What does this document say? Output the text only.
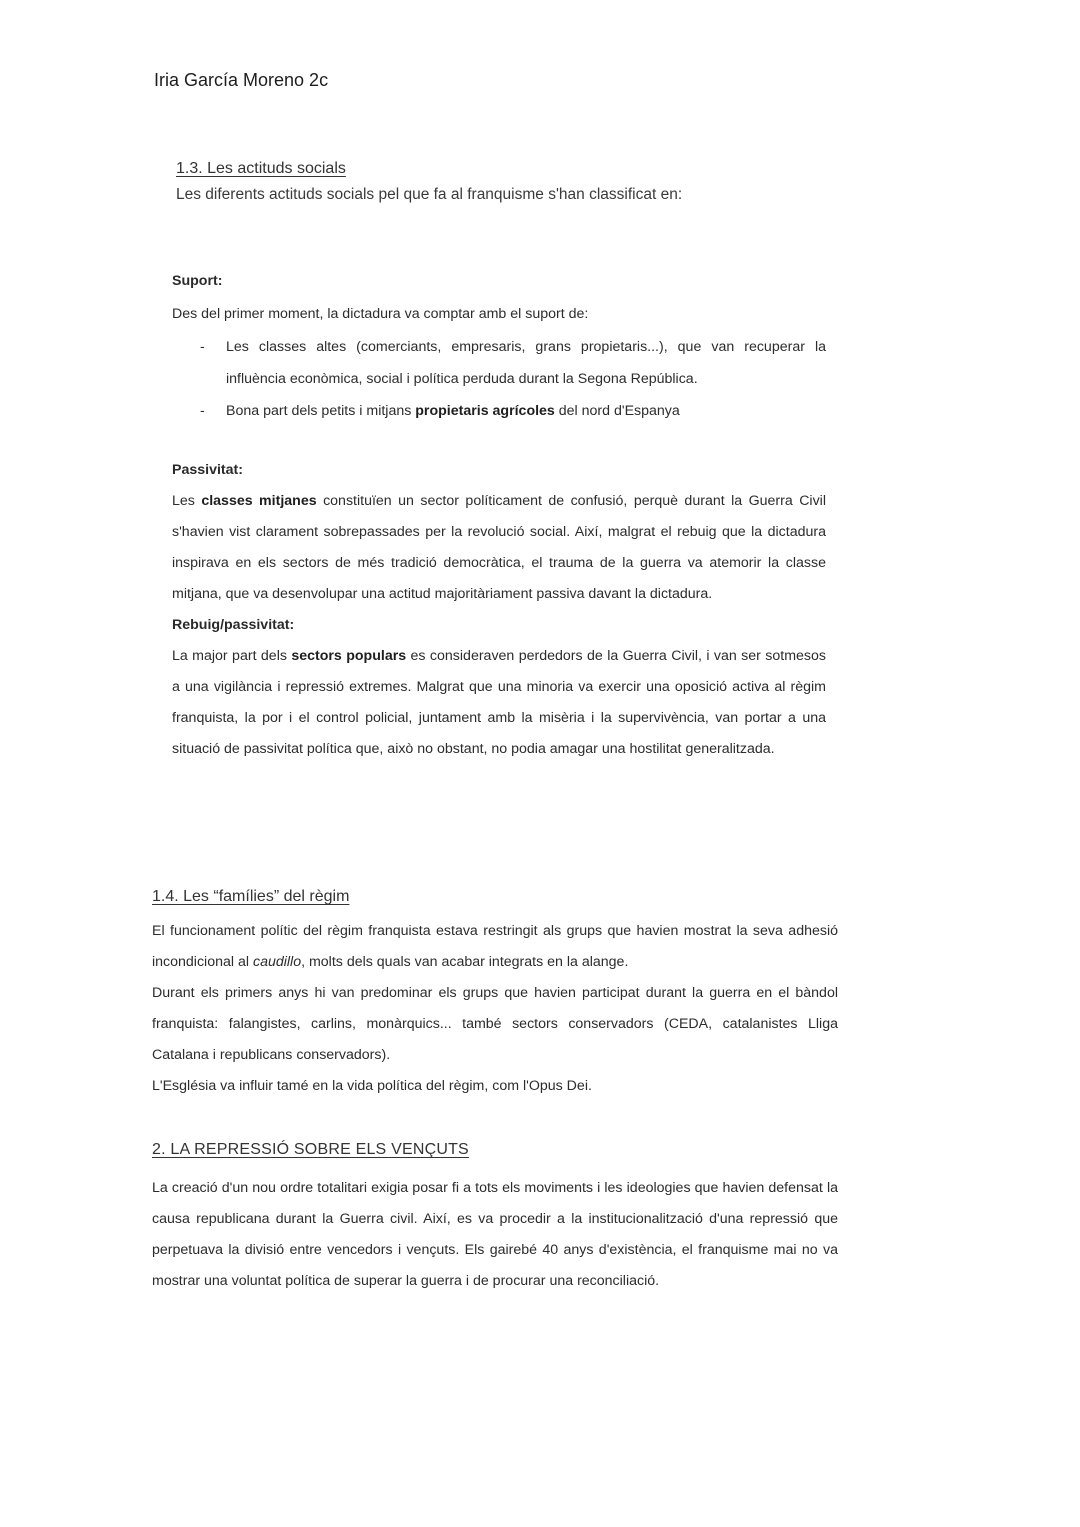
Iria García Moreno 2c
1.3. Les actituds socials

Les diferents actituds socials pel que fa al franquisme s'han classificat en:

Suport:

Des del primer moment, la dictadura va comptar amb el suport de:

- Les classes altes (comerciants, empresaris, grans propietaris...), que van recuperar la influència econòmica, social i política perduda durant la Segona República.
- Bona part dels petits i mitjans propietaris agrícoles del nord d'Espanya

Passivitat:

Les classes mitjanes constituïen un sector políticament de confusió, perquè durant la Guerra Civil s'havien vist clarament sobrepassades per la revolució social. Així, malgrat el rebuig que la dictadura inspirava en els sectors de més tradició democràtica, el trauma de la guerra va atemorir la classe mitjana, que va desenvolupar una actitud majoritàriament passiva davant la dictadura.

Rebuig/passivitat:

La major part dels sectors populars es consideraven perdedors de la Guerra Civil, i van ser sotmesos a una vigilància i repressió extremes. Malgrat que una minoria va exercir una oposició activa al règim franquista, la por i el control policial, juntament amb la misèria i la supervivència, van portar a una situació de passivitat política que, això no obstant, no podia amagar una hostilitat generalitzada.

1.4. Les “famílies” del règim

El funcionament polític del règim franquista estava restringit als grups que havien mostrat la seva adhesió incondicional al caudillo, molts dels quals van acabar integrats en la alange.

Durant els primers anys hi van predominar els grups que havien participat durant la guerra en el bàndol franquista: falangistes, carlins, monàrquics... també sectors conservadors (CEDA, catalanistes Lliga Catalana i republicans conservadors).

L'Església va influir tamé en la vida política del règim, com l'Opus Dei.

2. LA REPRESSIÓ SOBRE ELS VENÇUTS

La creació d'un nou ordre totalitari exigia posar fi a tots els moviments i les ideologies que havien defensat la causa republicana durant la Guerra civil. Així, es va procedir a la institucionalització d'una repressió que perpetuava la divisió entre vencedors i vençuts. Els gairebé 40 anys d'existència, el franquisme mai no va mostrar una voluntat política de superar la guerra i de procurar una reconciliació.
